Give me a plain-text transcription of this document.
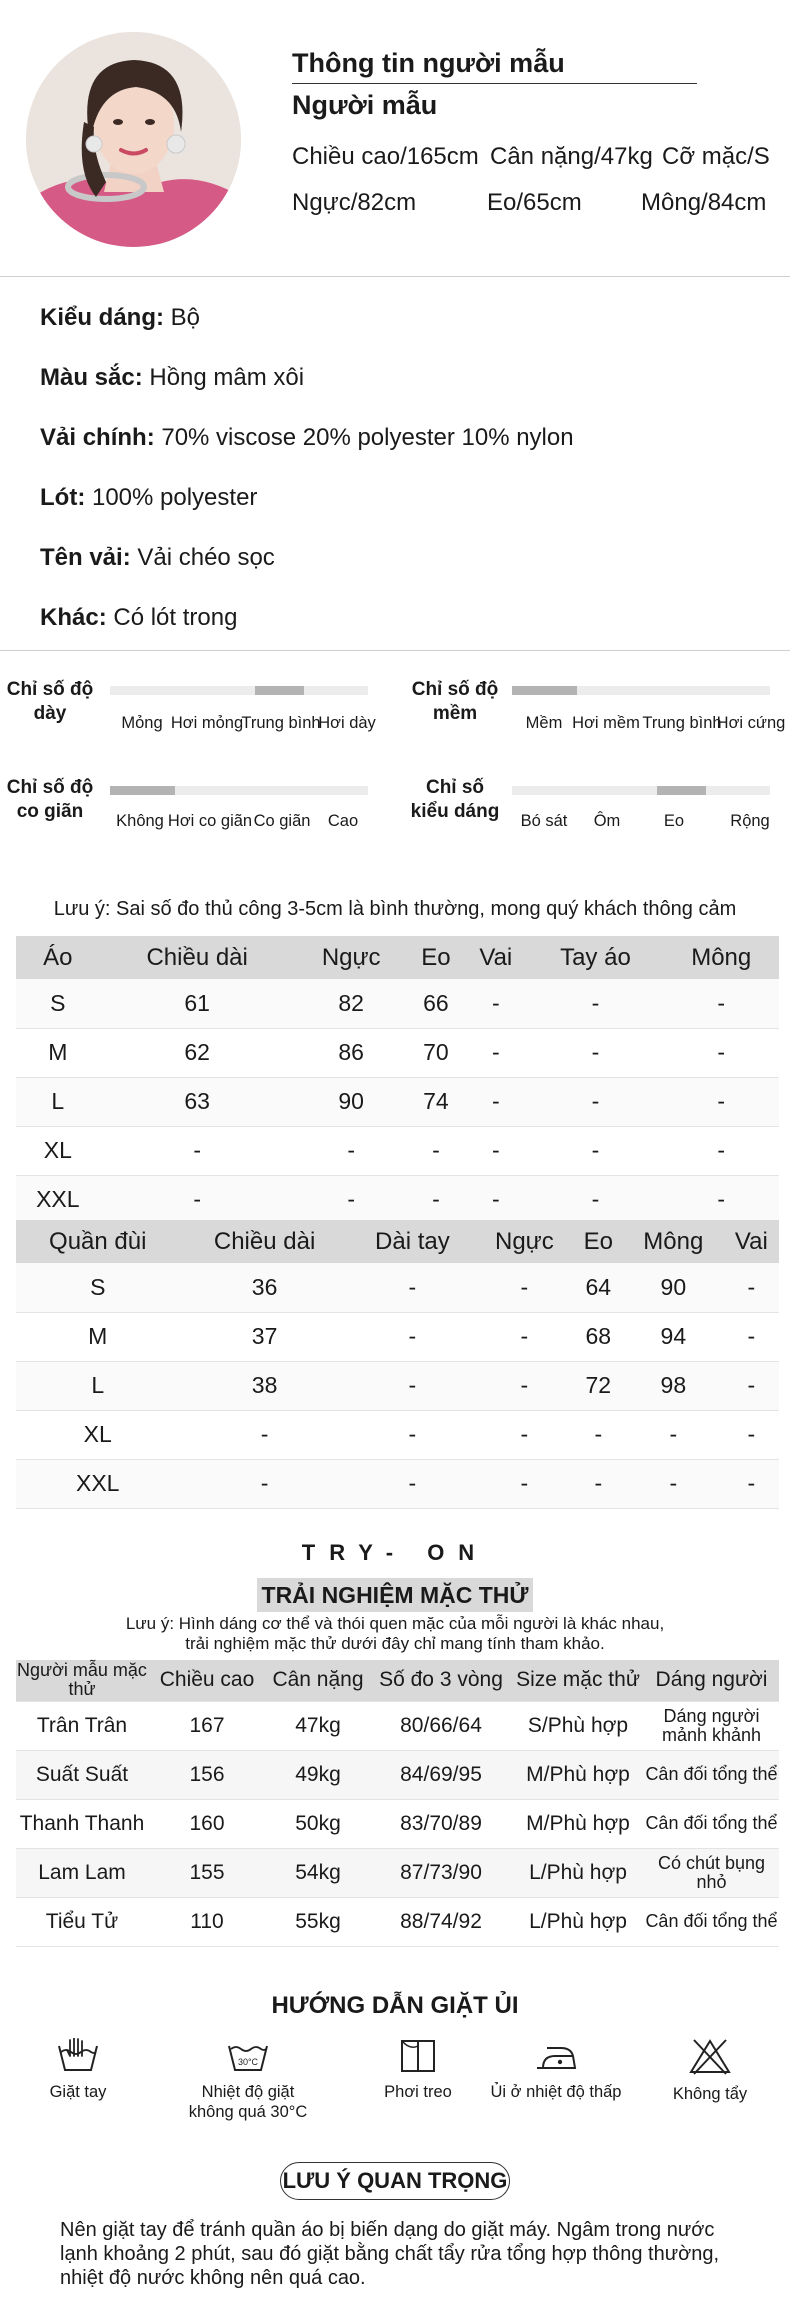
Thông tin người mẫu
Người mẫu
Chiều cao/165cm Cân nặng/47kg Cỡ mặc/S
Ngực/82cm	Eo/65cm	Mông/84cm
Kiểu dáng: Bộ
Màu sắc: Hồng mâm xôi
Vải chính: 70% viscose 20% polyester 10% nylon
Lót: 100% polyester
Tên vải: Vải chéo sọc
Khác: Có lót trong
Chỉ số độ dày	Mỏng Hơi mỏng
Trung bình
Hơi dày
Chỉ số độ mềm	Mềm Hơi mềm Trung bình
Hơi cứng
Chỉ số độ co giãn	Không Hơi co giãn Co giãn Cao
Chỉ số kiểu dáng	Bó sát Ôm	Eo	Rộng
Lưu ý: Sai số đo thủ công 3-5cm là bình thường, mong quý khách thông cảm
Áo	Chiều dài	Ngực	Eo	Vai	Tay áo	Mông
S	61	82	66	-	-	-
M	62	86	70	-	-	-
L	63	90	74	-	-	-
XL	-	-	-	-	-	-
XXL	-	-	-	-	-	-
Quần đùi	Chiều dài	Dài tay	Ngực	Eo	Mông	Vai
S	36	-	-	64	90	-
M	37	-	-	68	94	-
L	38	-	-	72	98	-
XL	-	-	-	-	-	-
XXL	-	-	-	-	-	-
TRY- ON
TRẢI NGHIỆM MẶC THỬ
Lưu ý: Hình dáng cơ thể và thói quen mặc của mỗi người là khác nhau,
trải nghiệm mặc thử dưới đây chỉ mang tính tham khảo.
Người mẫu mặc thử	Chiều cao	Cân nặng	Số đo 3 vòng	Size mặc thử	Dáng người
Trân Trân	167	47kg	80/66/64	S/Phù hợp	Dáng người mảnh khảnh
Suất Suất	156	49kg	84/69/95	M/Phù hợp	Cân đối tổng thể
Thanh Thanh	160	50kg	83/70/89	M/Phù hợp	Cân đối tổng thể
Lam Lam	155	54kg	87/73/90	L/Phù hợp	Có chút bụng nhỏ
Tiểu Tử	110	55kg	88/74/92	L/Phù hợp	Cân đối tổng thể
HƯỚNG DẪN GIẶT ỦI
Giặt tay
30°C
Nhiệt độ giặt không quá 30°C
Phơi treo	Ủi ở nhiệt độ thấp	Không tẩy
LƯU Ý QUAN TRỌNG
Nên giặt tay để tránh quần áo bị biến dạng do giặt máy. Ngâm trong nước lạnh khoảng 2 phút, sau đó giặt bằng chất tẩy rửa tổng hợp thông thường, nhiệt độ nước không nên quá cao.
